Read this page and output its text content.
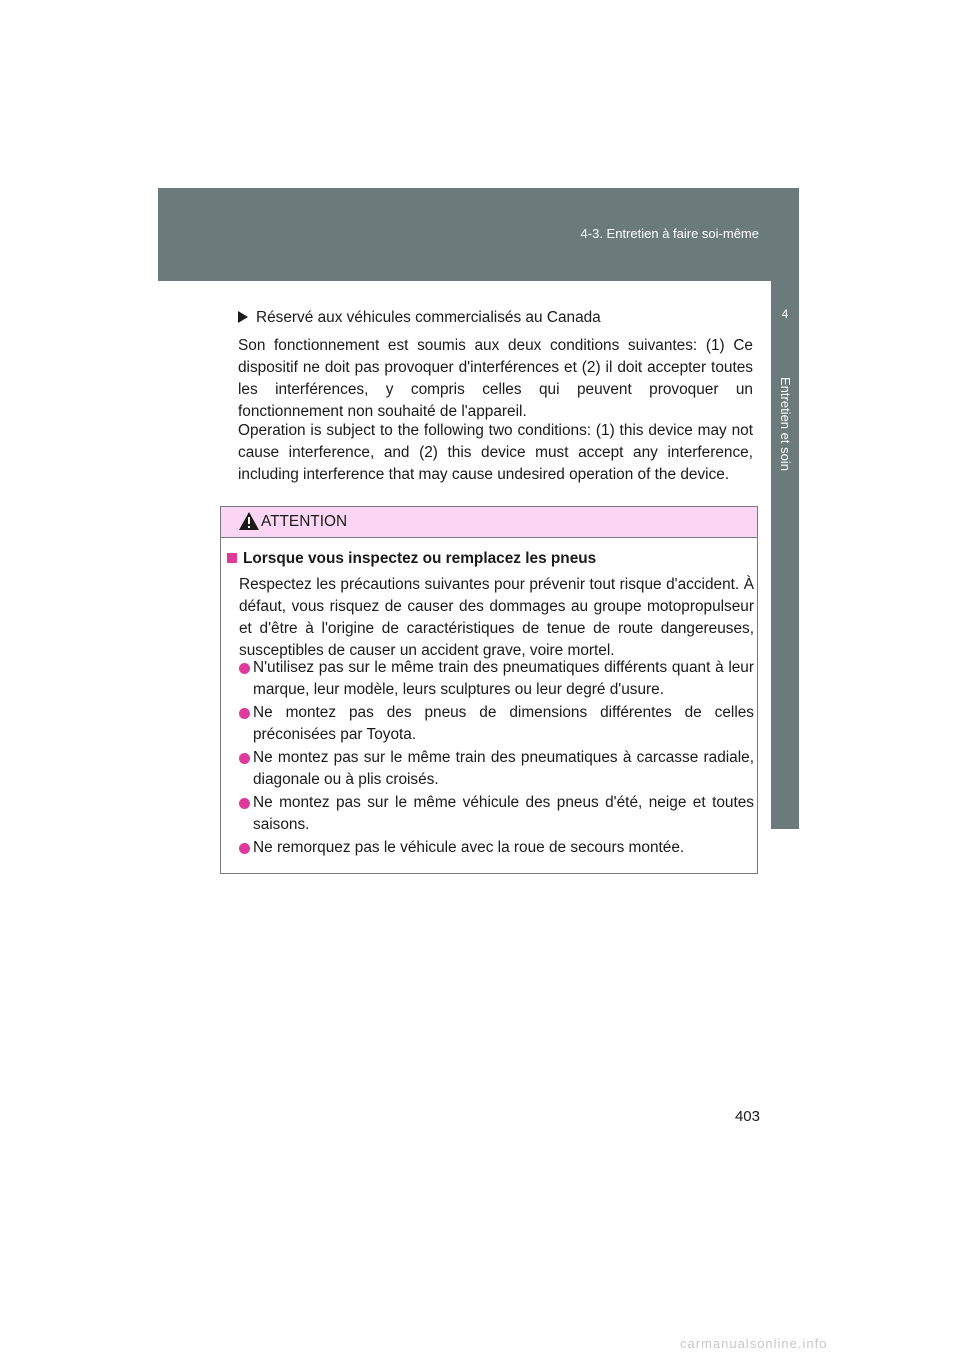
4-3. Entretien à faire soi-même
4
Entretien et soin
Réservé aux véhicules commercialisés au Canada

Son fonctionnement est soumis aux deux conditions suivantes: (1) Ce dispositif ne doit pas provoquer d'interférences et (2) il doit accepter toutes les interférences, y compris celles qui peuvent provoquer un fonctionnement non souhaité de l'appareil.

Operation is subject to the following two conditions: (1) this device may not cause interference, and (2) this device must accept any interference, including interference that may cause undesired operation of the device.

ATTENTION
Lorsque vous inspectez ou remplacez les pneus

Respectez les précautions suivantes pour prévenir tout risque d'accident. À défaut, vous risquez de causer des dommages au groupe motopropulseur et d'être à l'origine de caractéristiques de tenue de route dangereuses, susceptibles de causer un accident grave, voire mortel.

N'utilisez pas sur le même train des pneumatiques différents quant à leur marque, leur modèle, leurs sculptures ou leur degré d'usure.
Ne montez pas des pneus de dimensions différentes de celles préconisées par Toyota.
Ne montez pas sur le même train des pneumatiques à carcasse radiale, diagonale ou à plis croisés.
Ne montez pas sur le même véhicule des pneus d'été, neige et toutes saisons.
Ne remorquez pas le véhicule avec la roue de secours montée.
403
carmanualsonline.info
